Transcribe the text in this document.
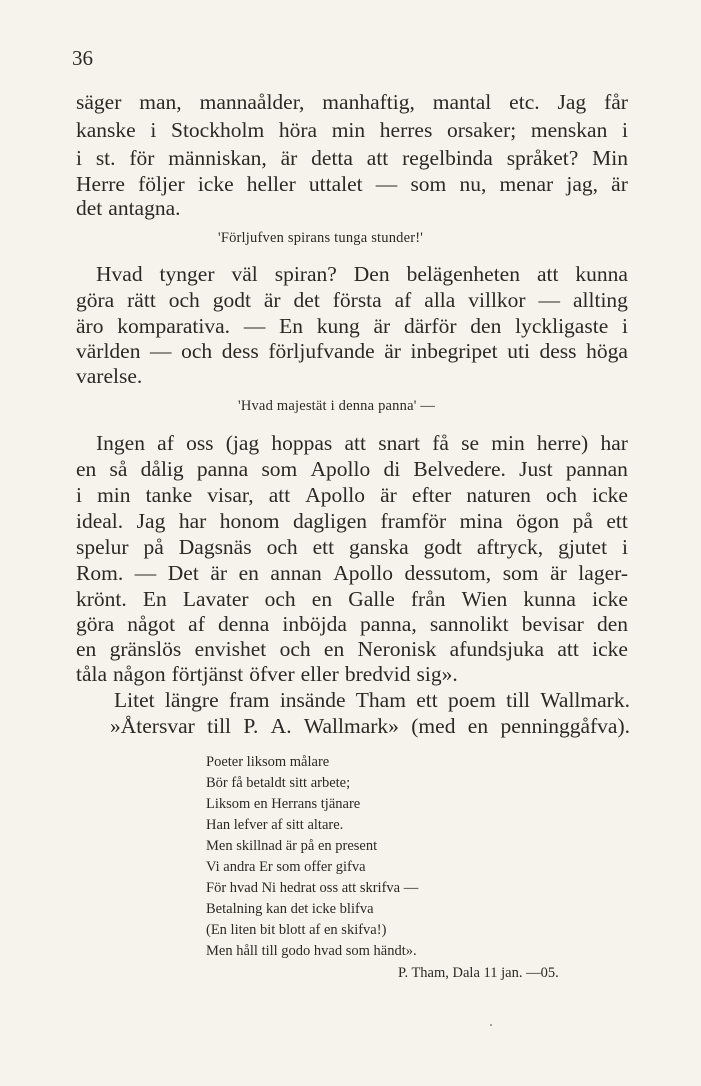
36
säger man, mannaålder, manhaftig, mantal etc. Jag får
kanske i Stockholm höra min herres orsaker; menskan i
i st. för människan, är detta att regelbinda språket? Min
Herre följer icke heller uttalet — som nu, menar jag, är
det antagna.
'Förljufven spirans tunga stunder!'
Hvad tynger väl spiran? Den belägenheten att kunna
göra rätt och godt är det första af alla villkor — allting
äro komparativa. — En kung är därför den lyckligaste i
världen — och dess förljufvande är inbegripet uti dess höga
varelse.
'Hvad majestät i denna panna' —
Ingen af oss (jag hoppas att snart få se min herre) har
en så dålig panna som Apollo di Belvedere. Just pannan
i min tanke visar, att Apollo är efter naturen och icke
ideal. Jag har honom dagligen framför mina ögon på ett
spelur på Dagsnäs och ett ganska godt aftryck, gjutet i
Rom. — Det är en annan Apollo dessutom, som är lager-
krönt. En Lavater och en Galle från Wien kunna icke
göra något af denna inböjda panna, sannolikt bevisar den
en gränslös envishet och en Neronisk afundsjuka att icke
tåla någon förtjänst öfver eller bredvid sig».
Litet längre fram insände Tham ett poem till Wallmark.
»Återsvar till P. A. Wallmark» (med en penninggåfva).
Poeter liksom målare
Bör få betaldt sitt arbete;
Liksom en Herrans tjänare
Han lefver af sitt altare.
Men skillnad är på en present
Vi andra Er som offer gifva
För hvad Ni hedrat oss att skrifva —
Betalning kan det icke blifva
(En liten bit blott af en skifva!)
Men håll till godo hvad som händt».
P. Tham, Dala 11 jan. —05.
